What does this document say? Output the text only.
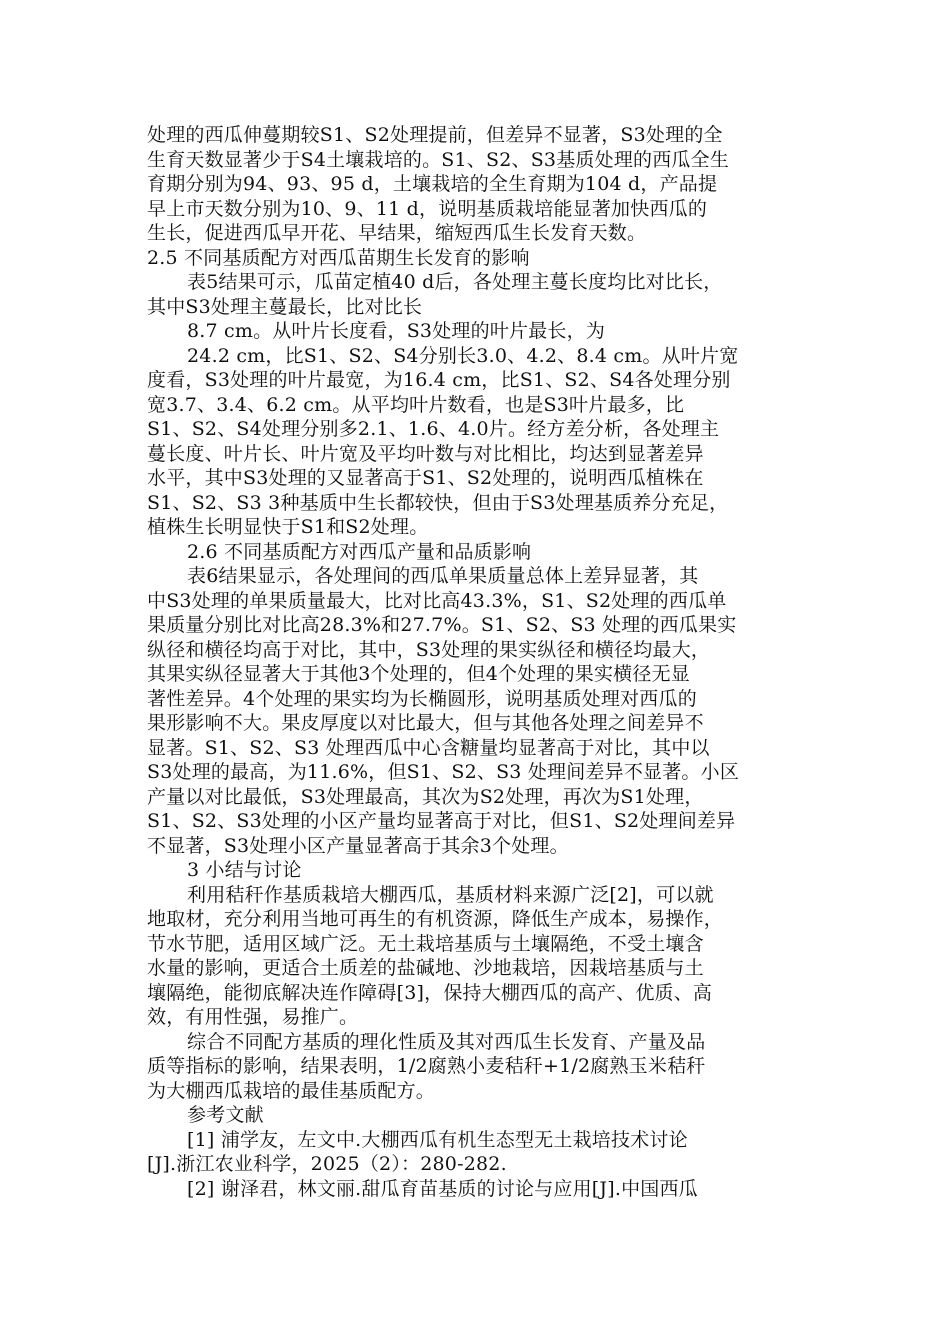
处理的西瓜伸蔓期较S1、S2处理提前，但差异不显著，S3处理的全
生育天数显著少于S4土壤栽培的。S1、S2、S3基质处理的西瓜全生
育期分别为94、93、95 d，土壤栽培的全生育期为104 d，产品提
早上市天数分别为10、9、11 d，说明基质栽培能显著加快西瓜的
生长，促进西瓜早开花、早结果，缩短西瓜生长发育天数。
2.5 不同基质配方对西瓜苗期生长发育的影响
表5结果可示，瓜苗定植40 d后，各处理主蔓长度均比对比长，
其中S3处理主蔓最长，比对比长
8.7 cm。从叶片长度看，S3处理的叶片最长，为
24.2 cm，比S1、S2、S4分别长3.0、4.2、8.4 cm。从叶片宽
度看，S3处理的叶片最宽，为16.4 cm，比S1、S2、S4各处理分别
宽3.7、3.4、6.2 cm。从平均叶片数看，也是S3叶片最多，比
S1、S2、S4处理分别多2.1、1.6、4.0片。经方差分析，各处理主
蔓长度、叶片长、叶片宽及平均叶数与对比相比，均达到显著差异
水平，其中S3处理的又显著高于S1、S2处理的，说明西瓜植株在
S1、S2、S3 3种基质中生长都较快，但由于S3处理基质养分充足，
植株生长明显快于S1和S2处理。
2.6 不同基质配方对西瓜产量和品质影响
表6结果显示，各处理间的西瓜单果质量总体上差异显著，其
中S3处理的单果质量最大，比对比高43.3%，S1、S2处理的西瓜单
果质量分别比对比高28.3%和27.7%。S1、S2、S3 处理的西瓜果实
纵径和横径均高于对比，其中，S3处理的果实纵径和横径均最大，
其果实纵径显著大于其他3个处理的，但4个处理的果实横径无显
著性差异。4个处理的果实均为长椭圆形，说明基质处理对西瓜的
果形影响不大。果皮厚度以对比最大，但与其他各处理之间差异不
显著。S1、S2、S3 处理西瓜中心含糖量均显著高于对比，其中以
S3处理的最高，为11.6%，但S1、S2、S3 处理间差异不显著。小区
产量以对比最低，S3处理最高，其次为S2处理，再次为S1处理，
S1、S2、S3处理的小区产量均显著高于对比，但S1、S2处理间差异
不显著，S3处理小区产量显著高于其余3个处理。
3 小结与讨论
利用秸秆作基质栽培大棚西瓜，基质材料来源广泛[2]，可以就
地取材，充分利用当地可再生的有机资源，降低生产成本，易操作，
节水节肥，适用区域广泛。无土栽培基质与土壤隔绝，不受土壤含
水量的影响，更适合土质差的盐碱地、沙地栽培，因栽培基质与土
壤隔绝，能彻底解决连作障碍[3]，保持大棚西瓜的高产、优质、高
效，有用性强，易推广。
综合不同配方基质的理化性质及其对西瓜生长发育、产量及品
质等指标的影响，结果表明，1/2腐熟小麦秸秆+1/2腐熟玉米秸秆
为大棚西瓜栽培的最佳基质配方。
参考文献
[1] 浦学友，左文中.大棚西瓜有机生态型无土栽培技术讨论
[J].浙江农业科学，2025（2）：280-282.
[2] 谢泽君，林文丽.甜瓜育苗基质的讨论与应用[J].中国西瓜
